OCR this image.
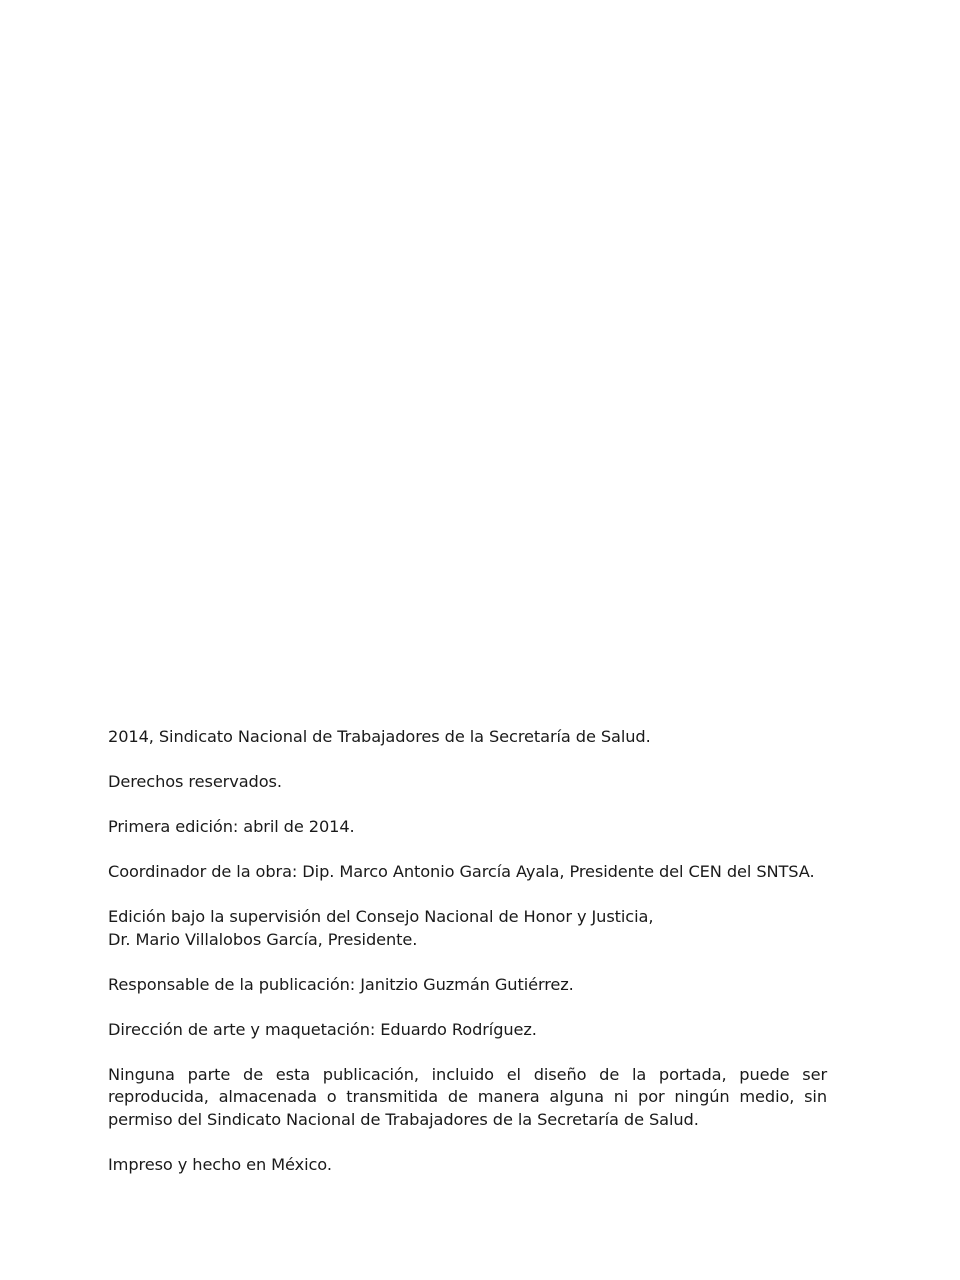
2014, Sindicato Nacional de Trabajadores de la Secretaría de Salud.

Derechos reservados.

Primera edición: abril de 2014.

Coordinador de la obra: Dip. Marco Antonio García Ayala, Presidente del CEN del SNTSA.

Edición bajo la supervisión del Consejo Nacional de Honor y Justicia,
Dr. Mario Villalobos García, Presidente.

Responsable de la publicación: Janitzio Guzmán Gutiérrez.

Dirección de arte y maquetación: Eduardo Rodríguez.

Ninguna parte de esta publicación, incluido el diseño de la portada, puede ser reproducida, almacenada o transmitida de manera alguna ni por ningún medio, sin permiso del Sindicato Nacional de Trabajadores de la Secretaría de Salud.

Impreso y hecho en México.
